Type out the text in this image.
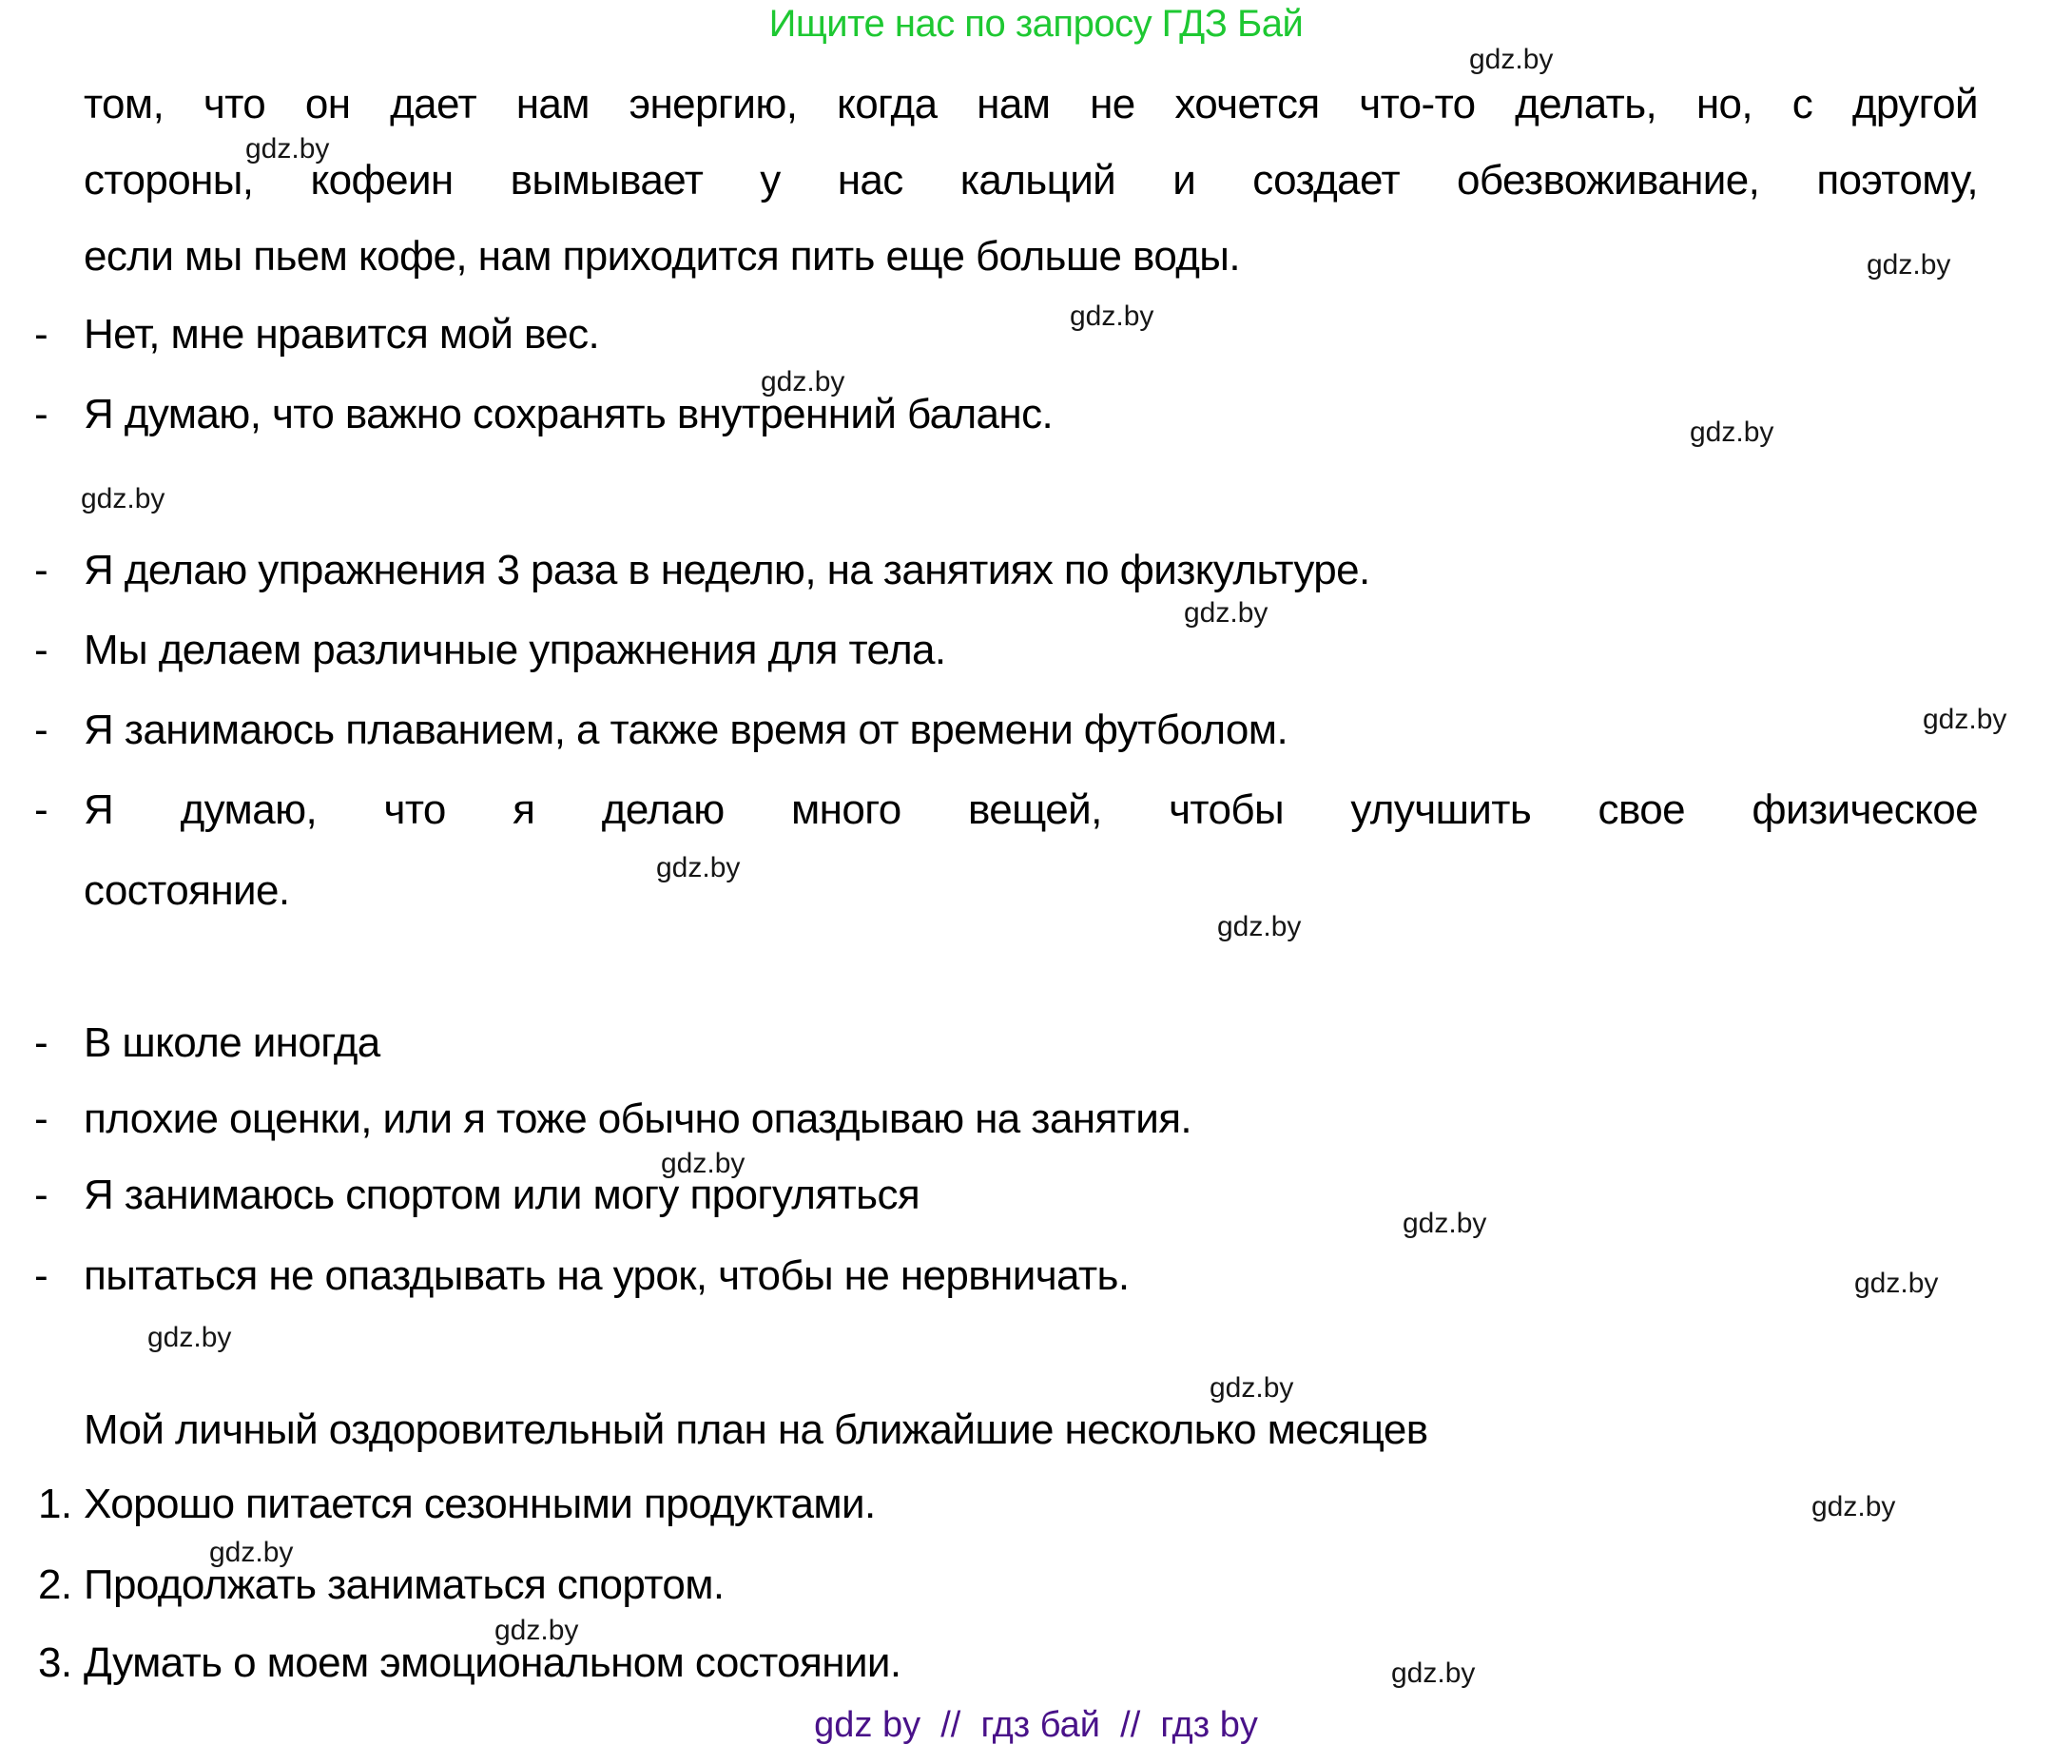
Ищите нас по запросу ГДЗ Бай
gdz.by
gdz.by
gdz.by
gdz.by
gdz.by
gdz.by
gdz.by
gdz.by
gdz.by
gdz.by
gdz.by
gdz.by
gdz.by
gdz.by
gdz.by
gdz.by
gdz.by
gdz.by
gdz.by
gdz.by
том, что он дает нам энергию, когда нам не хочется что-то делать, но, с другой
стороны, кофеин вымывает у нас кальций и создает обезвоживание, поэтому,
если мы пьем кофе, нам приходится пить еще больше воды.
- Нет, мне нравится мой вес.
- Я думаю, что важно сохранять внутренний баланс.
- Я делаю упражнения 3 раза в неделю, на занятиях по физкультуре.
- Мы делаем различные упражнения для тела.
- Я занимаюсь плаванием, а также время от времени футболом.
- Я думаю, что я делаю много вещей, чтобы улучшить свое физическое
состояние.
- В школе иногда
- плохие оценки, или я тоже обычно опаздываю на занятия.
- Я занимаюсь спортом или могу прогуляться
- пытаться не опаздывать на урок, чтобы не нервничать.
Мой личный оздоровительный план на ближайшие несколько месяцев
1. Хорошо питается сезонными продуктами.
2. Продолжать заниматься спортом.
3. Думать о моем эмоциональном состоянии.
gdz by  //  гдз бай  //  гдз by
